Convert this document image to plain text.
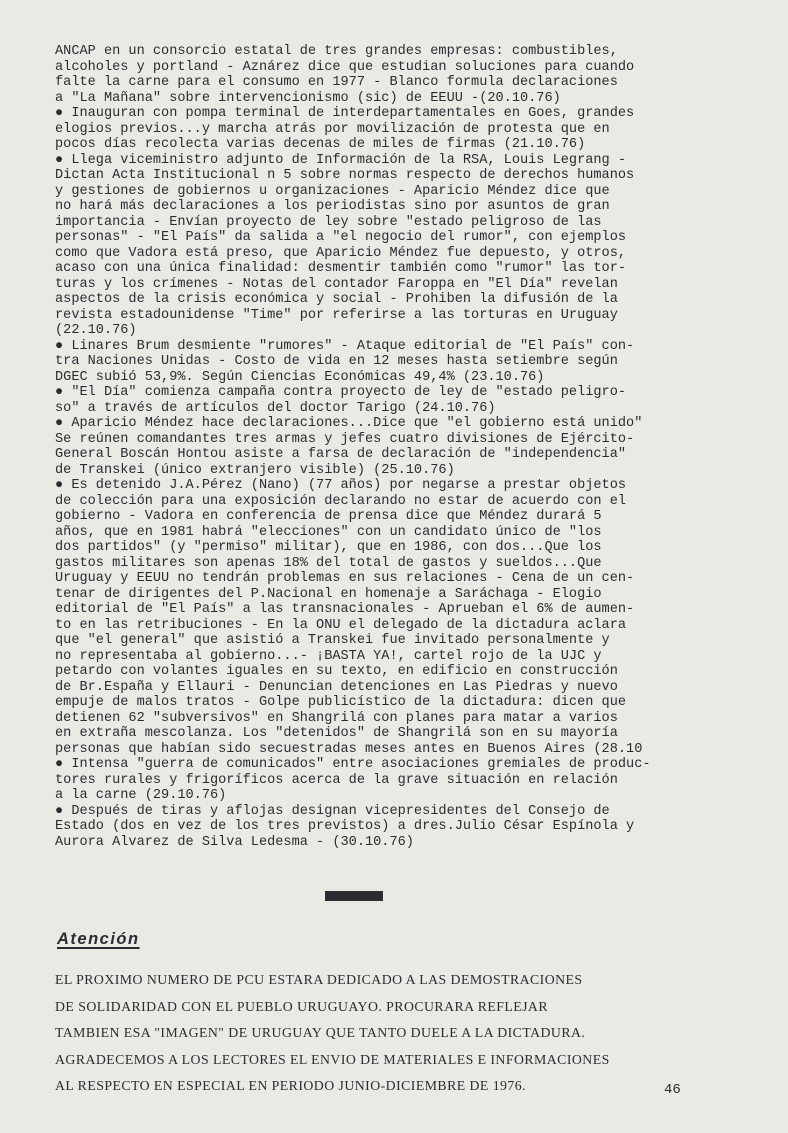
ANCAP en un consorcio estatal de tres grandes empresas: combustibles,
alcoholes y portland - Aznárez dice que estudian soluciones para cuando
falte la carne para el consumo en 1977 - Blanco formula declaraciones
a "La Mañana" sobre intervencionismo (sic) de EEUU -(20.10.76)
● Inauguran con pompa terminal de interdepartamentales en Goes, grandes
elogios previos...y marcha atrás por movilización de protesta que en
pocos días recolecta varias decenas de miles de firmas (21.10.76)
● Llega viceministro adjunto de Información de la RSA, Louis Legrang -
Dictan Acta Institucional n 5 sobre normas respecto de derechos humanos
y gestiones de gobiernos u organizaciones - Aparicio Méndez dice que
no hará más declaraciones a los periodistas sino por asuntos de gran
importancia - Envían proyecto de ley sobre "estado peligroso de las
personas" - "El País" da salida a "el negocio del rumor", con ejemplos
como que Vadora está preso, que Aparicio Méndez fue depuesto, y otros,
acaso con una única finalidad: desmentir también como "rumor" las tor-
turas y los crímenes - Notas del contador Faroppa en "El Día" revelan
aspectos de la crisis económica y social - Prohiben la difusión de la
revista estadounidense "Time" por referirse a las torturas en Uruguay
(22.10.76)
● Linares Brum desmiente "rumores" - Ataque editorial de "El País" con-
tra Naciones Unidas - Costo de vida en 12 meses hasta setiembre según
DGEC subió 53,9%. Según Ciencias Económicas 49,4% (23.10.76)
● "El Día" comienza campaña contra proyecto de ley de "estado peligro-
so" a través de artículos del doctor Tarigo (24.10.76)
● Aparicio Méndez hace declaraciones...Dice que "el gobierno está unido"
Se reúnen comandantes tres armas y jefes cuatro divisiones de Ejército-
General Boscán Hontou asiste a farsa de declaración de "independencia"
de Transkei (único extranjero visible) (25.10.76)
● Es detenido J.A.Pérez (Nano) (77 años) por negarse a prestar objetos
de colección para una exposición declarando no estar de acuerdo con el
gobierno - Vadora en conferencia de prensa dice que Méndez durará 5
años, que en 1981 habrá "elecciones" con un candidato único de "los
dos partidos" (y "permiso" militar), que en 1986, con dos...Que los
gastos militares son apenas 18% del total de gastos y sueldos...Que
Uruguay y EEUU no tendrán problemas en sus relaciones - Cena de un cen-
tenar de dirigentes del P.Nacional en homenaje a Saráchaga - Elogio
editorial de "El País" a las transnacionales - Aprueban el 6% de aumen-
to en las retribuciones - En la ONU el delegado de la dictadura aclara
que "el general" que asistió a Transkei fue invitado personalmente y
no representaba al gobierno...- ¡BASTA YA!, cartel rojo de la UJC y
petardo con volantes iguales en su texto, en edificio en construcción
de Br.España y Ellauri - Denuncian detenciones en Las Piedras y nuevo
empuje de malos tratos - Golpe publicístico de la dictadura: dicen que
detienen 62 "subversivos" en Shangrilá con planes para matar a varios
en extraña mescolanza. Los "detenidos" de Shangrilá son en su mayoría
personas que habían sido secuestradas meses antes en Buenos Aires (28.10
● Intensa "guerra de comunicados" entre asociaciones gremiales de produc-
tores rurales y frigoríficos acerca de la grave situación en relación
a la carne (29.10.76)
● Después de tiras y aflojas designan vicepresidentes del Consejo de
Estado (dos en vez de los tres previstos) a dres.Julio César Espínola y
Aurora Alvarez de Silva Ledesma - (30.10.76)
Atención
EL PROXIMO NUMERO DE PCU ESTARA DEDICADO A LAS DEMOSTRACIONES
DE SOLIDARIDAD CON EL PUEBLO URUGUAYO. PROCURARA REFLEJAR
TAMBIEN ESA "IMAGEN" DE URUGUAY QUE TANTO DUELE A LA DICTADURA.
AGRADECEMOS A LOS LECTORES EL ENVIO DE MATERIALES E INFORMACIONES
AL RESPECTO EN ESPECIAL EN PERIODO JUNIO-DICIEMBRE DE 1976.	46
